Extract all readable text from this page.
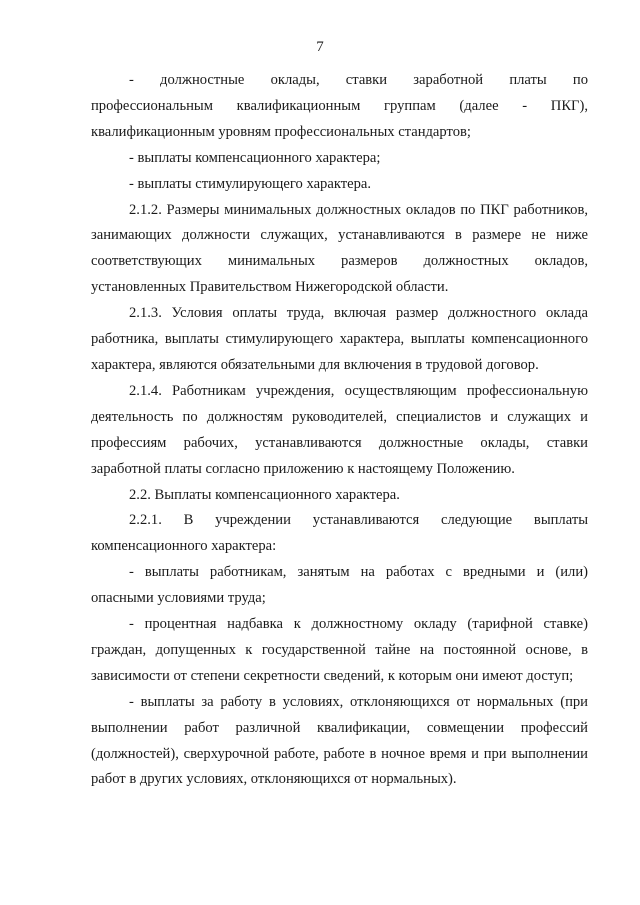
7

-   должностные   оклады,   ставки   заработной   платы   по профессиональным квалификационным группам (далее - ПКГ), квалификационным уровням профессиональных стандартов;

- выплаты компенсационного характера;

- выплаты стимулирующего характера.

2.1.2. Размеры минимальных должностных окладов по ПКГ работников, занимающих должности служащих, устанавливаются в размере не ниже соответствующих минимальных размеров должностных окладов, установленных Правительством Нижегородской области.

2.1.3. Условия оплаты труда, включая размер должностного оклада работника, выплаты стимулирующего характера, выплаты компенсационного характера, являются обязательными для включения в трудовой договор.

2.1.4. Работникам учреждения, осуществляющим профессиональную деятельность по должностям руководителей, специалистов и служащих и профессиям рабочих, устанавливаются должностные оклады, ставки заработной платы согласно приложению к настоящему Положению.

2.2. Выплаты компенсационного характера.

2.2.1. В учреждении устанавливаются следующие выплаты компенсационного характера:

- выплаты работникам, занятым на работах с вредными и (или) опасными условиями труда;

- процентная надбавка к должностному окладу (тарифной ставке) граждан, допущенных к государственной тайне на постоянной основе, в зависимости от степени секретности сведений, к которым они имеют доступ;

- выплаты за работу в условиях, отклоняющихся от нормальных (при выполнении работ различной квалификации, совмещении профессий (должностей), сверхурочной работе, работе в ночное время и при выполнении работ в других условиях, отклоняющихся от нормальных).
